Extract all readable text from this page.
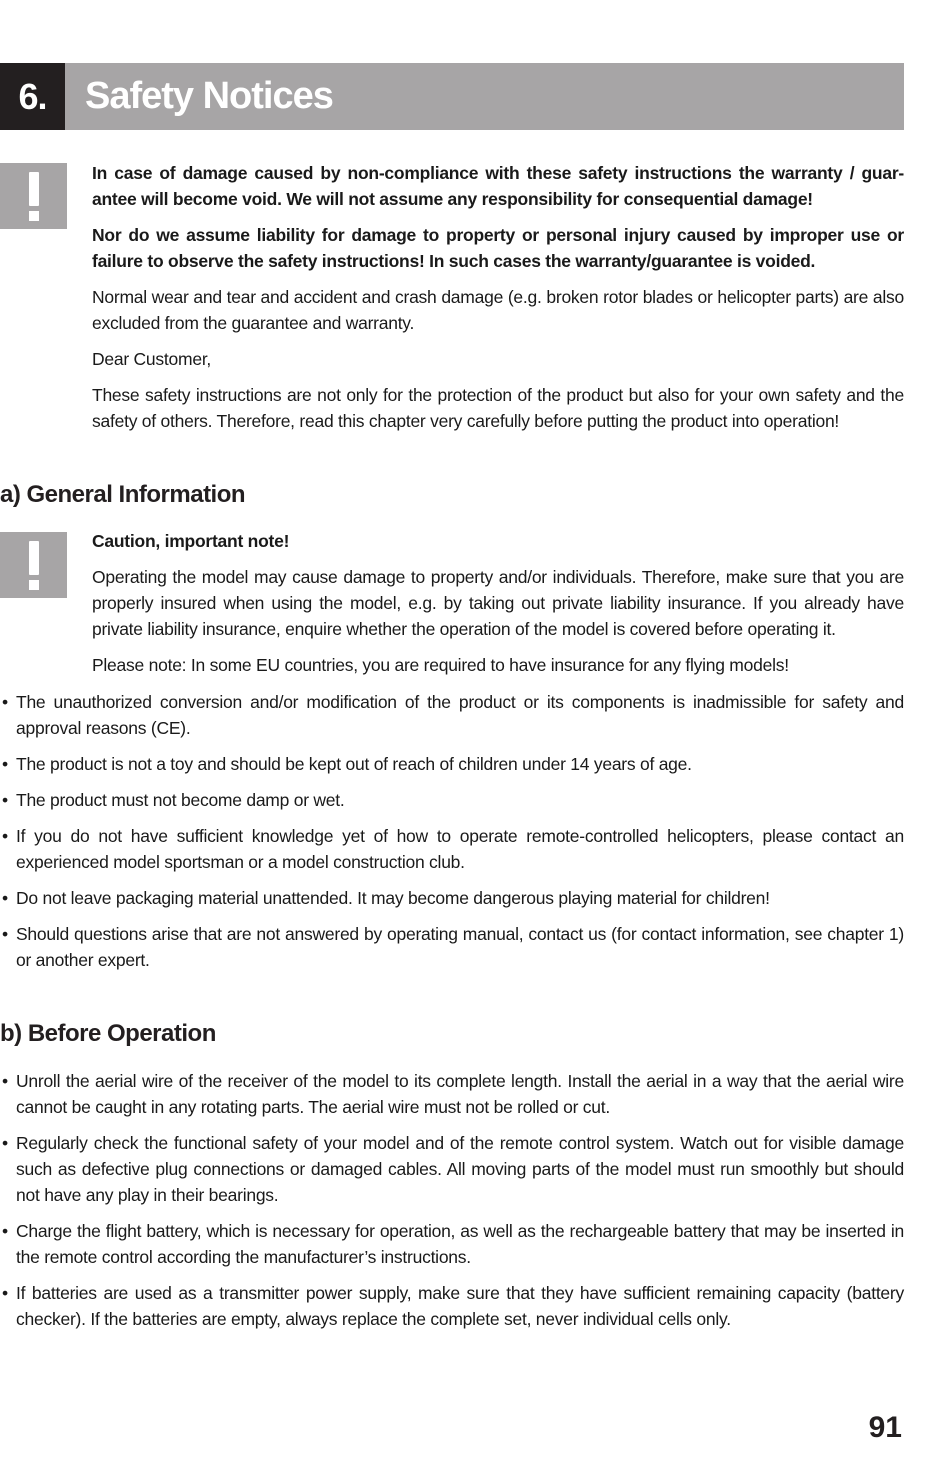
6.	Safety Notices

In case of damage caused by non-compliance with these safety instructions the warranty / guar-antee will become void. We will not assume any responsibility for consequential damage!

Nor do we assume liability for damage to property or personal injury caused by improper use or failure to observe the safety instructions! In such cases the warranty/guarantee is voided.

Normal wear and tear and accident and crash damage (e.g. broken rotor blades or helicopter parts) are also excluded from the guarantee and warranty.

Dear Customer,

These safety instructions are not only for the protection of the product but also for your own safety and the safety of others. Therefore, read this chapter very carefully before putting the product into operation!

a) General Information

Caution, important note!

Operating the model may cause damage to property and/or individuals. Therefore, make sure that you are properly insured when using the model, e.g. by taking out private liability insurance. If you already have private liability insurance, enquire whether the operation of the model is covered before operating it.

Please note: In some EU countries, you are required to have insurance for any flying models!

• The unauthorized conversion and/or modification of the product or its components is inadmissible for safety and approval reasons (CE).
• The product is not a toy and should be kept out of reach of children under 14 years of age.
• The product must not become damp or wet.
• If you do not have sufficient knowledge yet of how to operate remote-controlled helicopters, please contact an experienced model sportsman or a model construction club.
• Do not leave packaging material unattended. It may become dangerous playing material for children!
• Should questions arise that are not answered by operating manual, contact us (for contact information, see chapter 1) or another expert.
b) Before Operation
• Unroll the aerial wire of the receiver of the model to its complete length. Install the aerial in a way that the aerial wire cannot be caught in any rotating parts. The aerial wire must not be rolled or cut.
• Regularly check the functional safety of your model and of the remote control system. Watch out for visible damage such as defective plug connections or damaged cables. All moving parts of the model must run smoothly but should not have any play in their bearings.
• Charge the flight battery, which is necessary for operation, as well as the rechargeable battery that may be inserted in the remote control according the manufacturer’s instructions.
• If batteries are used as a transmitter power supply, make sure that they have sufficient remaining capacity (battery checker). If the batteries are empty, always replace the complete set, never individual cells only.
91
